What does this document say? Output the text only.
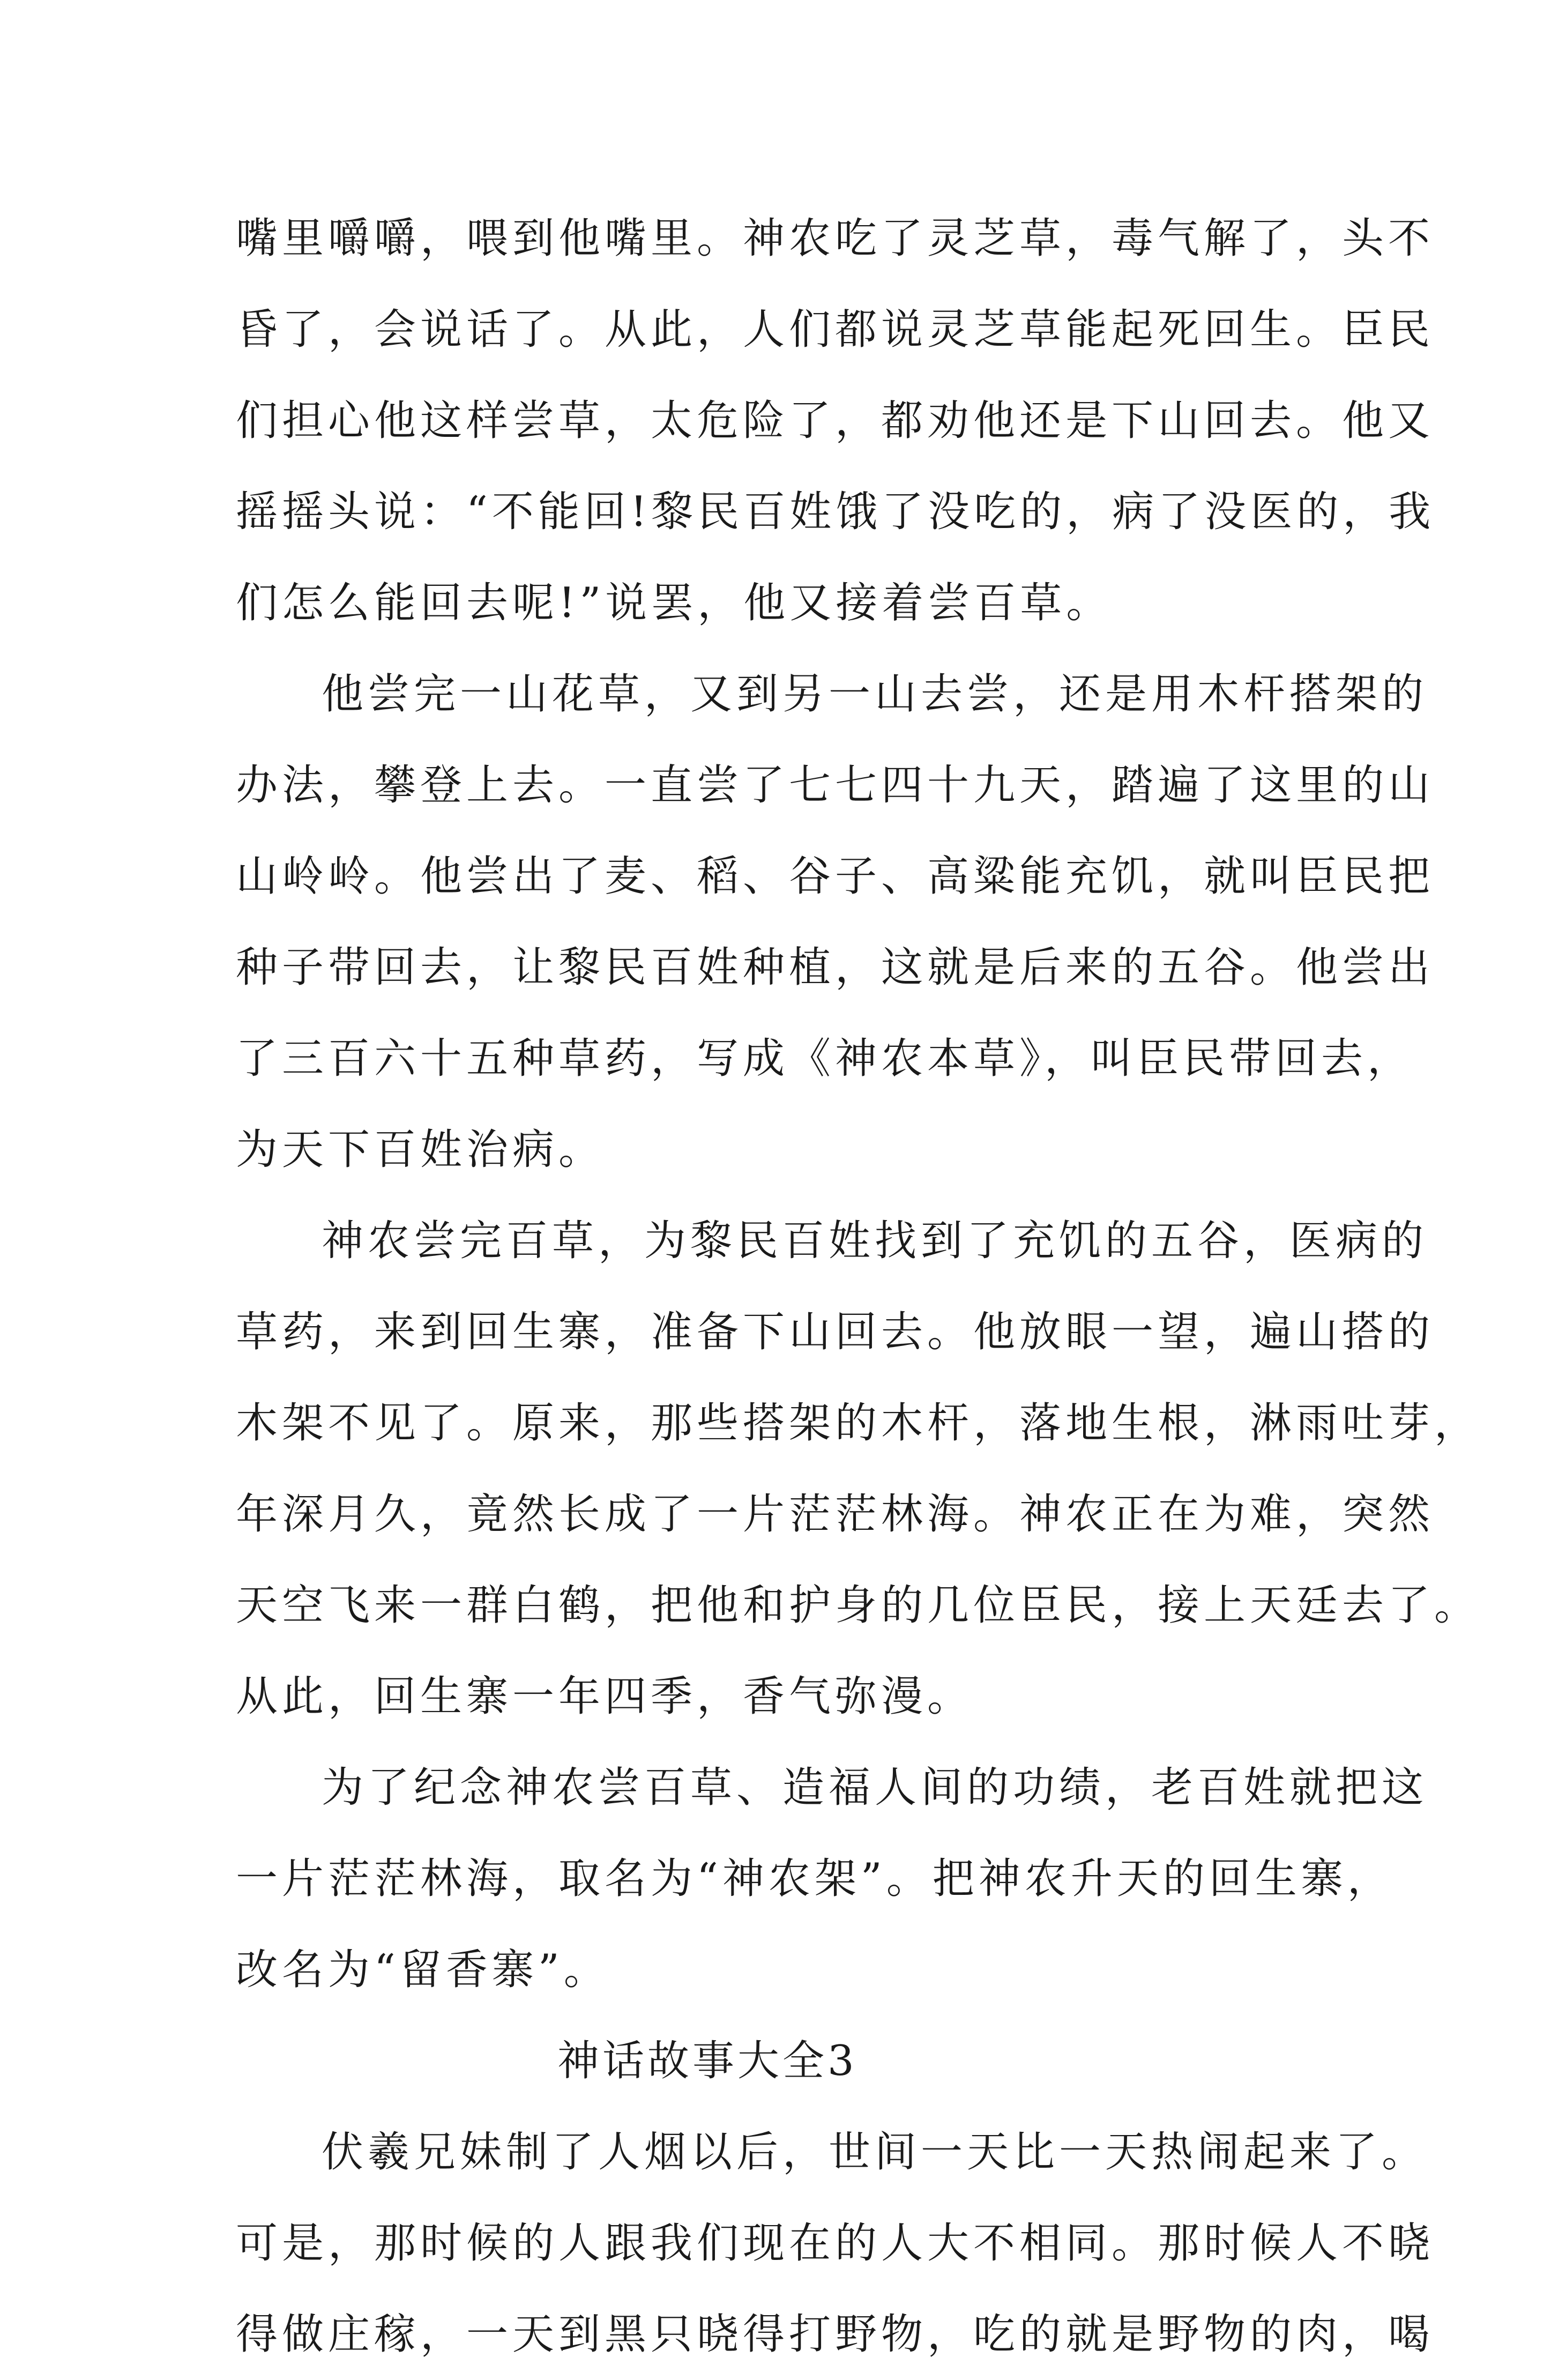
嘴里嚼嚼，喂到他嘴里。神农吃了灵芝草，毒气解了，头不
昏了，会说话了。从此，人们都说灵芝草能起死回生。臣民
们担心他这样尝草，太危险了，都劝他还是下山回去。他又
摇摇头说：“不能回!黎民百姓饿了没吃的，病了没医的，我
们怎么能回去呢!”说罢，他又接着尝百草。
他尝完一山花草，又到另一山去尝，还是用木杆搭架的
办法，攀登上去。一直尝了七七四十九天，踏遍了这里的山
山岭岭。他尝出了麦、稻、谷子、高粱能充饥，就叫臣民把
种子带回去，让黎民百姓种植，这就是后来的五谷。他尝出
了三百六十五种草药，写成《神农本草》，叫臣民带回去，
为天下百姓治病。
神农尝完百草，为黎民百姓找到了充饥的五谷，医病的
草药，来到回生寨，准备下山回去。他放眼一望，遍山搭的
木架不见了。原来，那些搭架的木杆，落地生根，淋雨吐芽，
年深月久，竟然长成了一片茫茫林海。神农正在为难，突然
天空飞来一群白鹤，把他和护身的几位臣民，接上天廷去了。
从此，回生寨一年四季，香气弥漫。
为了纪念神农尝百草、造福人间的功绩，老百姓就把这
一片茫茫林海，取名为“神农架”。把神农升天的回生寨，
改名为“留香寨”。
神话故事大全3
伏羲兄妹制了人烟以后，世间一天比一天热闹起来了。
可是，那时候的人跟我们现在的人大不相同。那时候人不晓
得做庄稼，一天到黑只晓得打野物，吃的就是野物的肉，喝
